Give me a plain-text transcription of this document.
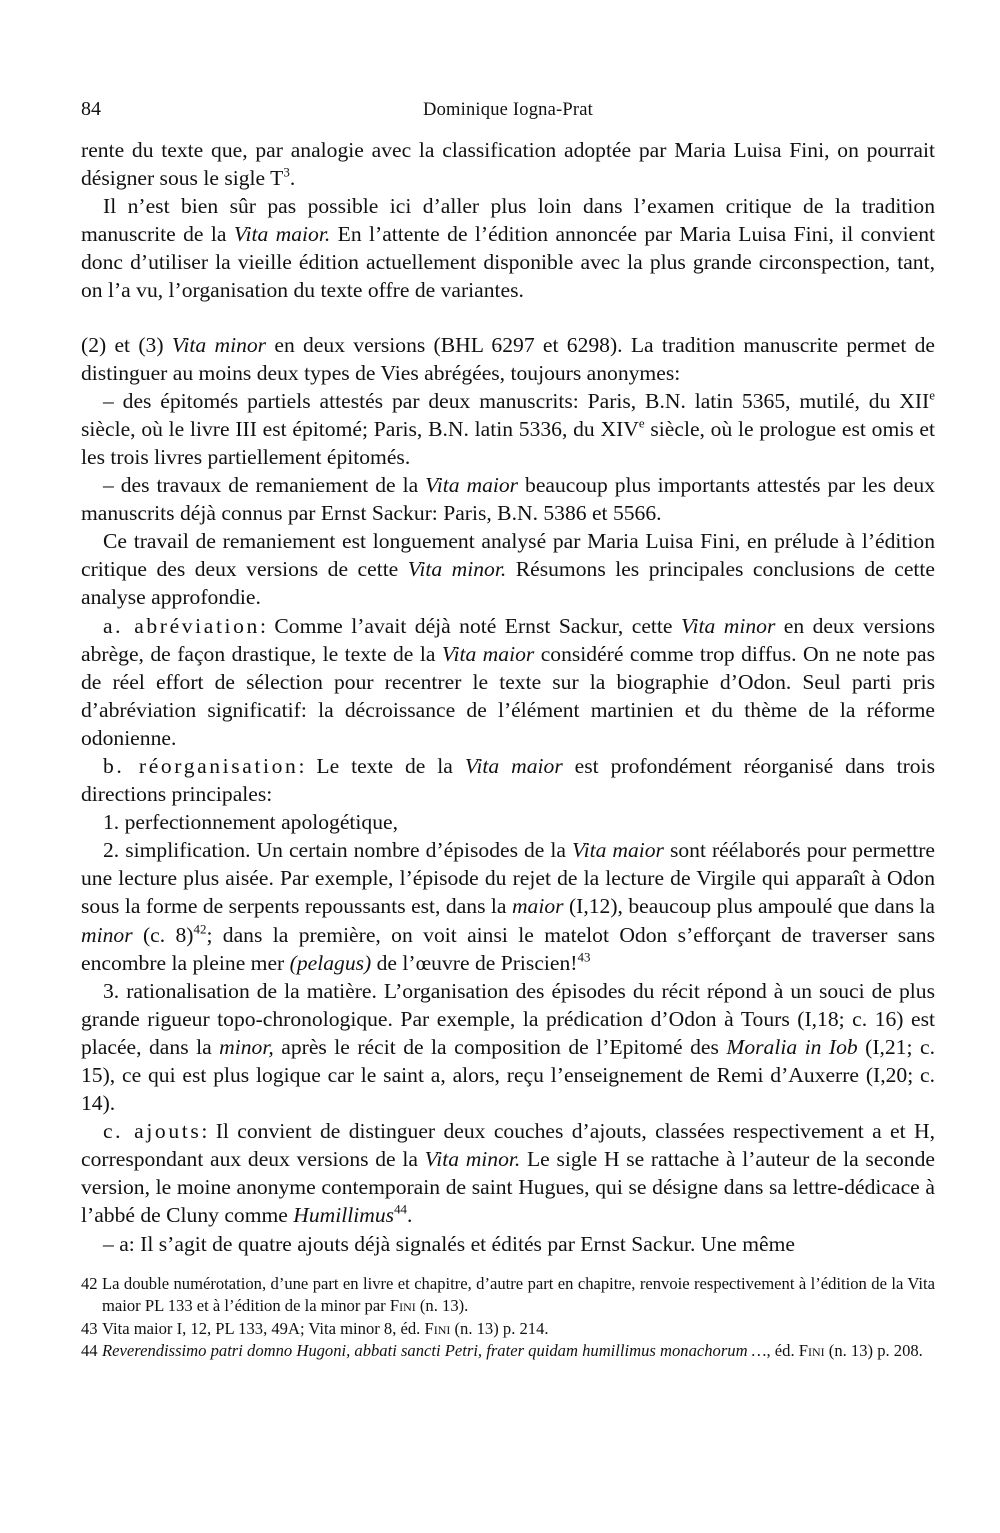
84	Dominique Iogna-Prat

rente du texte que, par analogie avec la classification adoptée par Maria Luisa Fini, on pourrait désigner sous le sigle $T^3$.

Il n’est bien sûr pas possible ici d’aller plus loin dans l’examen critique de la tradition manuscrite de la Vita maior. En l’attente de l’édition annoncée par Maria Luisa Fini, il convient donc d’utiliser la vieille édition actuellement disponible avec la plus grande circonspection, tant, on l’a vu, l’organisation du texte offre de variantes.

(2) et (3) Vita minor en deux versions (BHL 6297 et 6298). La tradition manuscrite permet de distinguer au moins deux types de Vies abrégées, toujours anonymes:

– des épitomés partiels attestés par deux manuscrits: Paris, B.N. latin 5365, mutilé, du XIIe siècle, où le livre III est épitomé; Paris, B.N. latin 5336, du XIVe siècle, où le prologue est omis et les trois livres partiellement épitomés.

– des travaux de remaniement de la Vita maior beaucoup plus importants attestés par les deux manuscrits déjà connus par Ernst Sackur: Paris, B.N. 5386 et 5566.

Ce travail de remaniement est longuement analysé par Maria Luisa Fini, en prélude à l’édition critique des deux versions de cette Vita minor. Résumons les principales conclusions de cette analyse approfondie.

a. abréviation: Comme l’avait déjà noté Ernst Sackur, cette Vita minor en deux versions abrège, de façon drastique, le texte de la Vita maior considéré comme trop diffus. On ne note pas de réel effort de sélection pour recentrer le texte sur la biographie d’Odon. Seul parti pris d’abréviation significatif: la décroissance de l’élément martinien et du thème de la réforme odonienne.

b. réorganisation: Le texte de la Vita maior est profondément réorganisé dans trois directions principales:

1. perfectionnement apologétique,

2. simplification. Un certain nombre d’épisodes de la Vita maior sont réélaborés pour permettre une lecture plus aisée. Par exemple, l’épisode du rejet de la lecture de Virgile qui apparaît à Odon sous la forme de serpents repoussants est, dans la maior (I,12), beaucoup plus ampoulé que dans la minor (c. 8)$^{42}$; dans la première, on voit ainsi le matelot Odon s’efforçant de traverser sans encombre la pleine mer (pelagus) de l’œuvre de Priscien!$^{43}$

3. rationalisation de la matière. L’organisation des épisodes du récit répond à un souci de plus grande rigueur topo-chronologique. Par exemple, la prédication d’Odon à Tours (I,18; c. 16) est placée, dans la minor, après le récit de la composition de l’Epitomé des Moralia in Iob (I,21; c. 15), ce qui est plus logique car le saint a, alors, reçu l’enseignement de Remi d’Auxerre (I,20; c. 14).

c. ajouts: Il convient de distinguer deux couches d’ajouts, classées respectivement a et H, correspondant aux deux versions de la Vita minor. Le sigle H se rattache à l’auteur de la seconde version, le moine anonyme contemporain de saint Hugues, qui se désigne dans sa lettre-dédicace à l’abbé de Cluny comme Humillimus$^{44}$.

– a: Il s’agit de quatre ajouts déjà signalés et édités par Ernst Sackur. Une même

42 La double numérotation, d’une part en livre et chapitre, d’autre part en chapitre, renvoie respectivement à l’édition de la Vita maior PL 133 et à l’édition de la minor par Fini (n. 13).
43 Vita maior I, 12, PL 133, 49A; Vita minor 8, éd. Fini (n. 13) p. 214.
44 Reverendissimo patri domno Hugoni, abbati sancti Petri, frater quidam humillimus monachorum …, éd. Fini (n. 13) p. 208.
